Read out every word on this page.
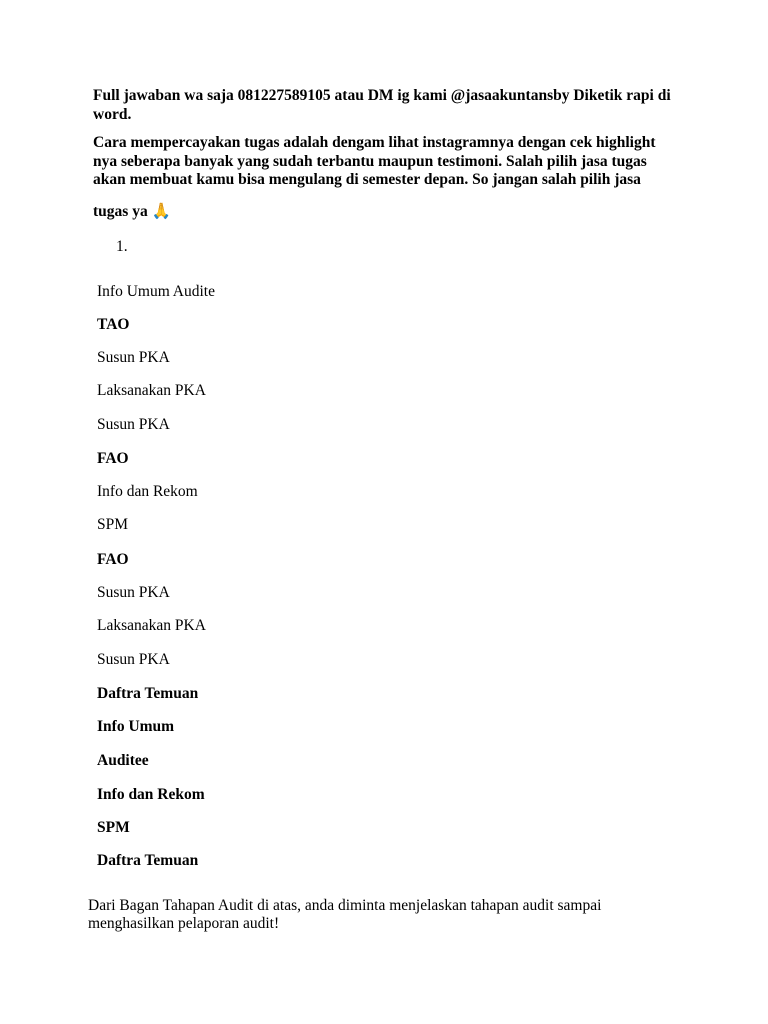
Full jawaban wa saja 081227589105 atau DM ig kami @jasaakuntansby Diketik rapi di word.

Cara mempercayakan tugas adalah dengam lihat instagramnya dengan cek highlight nya seberapa banyak yang sudah terbantu maupun testimoni. Salah pilih jasa tugas akan membuat kamu bisa mengulang di semester depan. So jangan salah pilih jasa

tugas ya 🙏

1.

Info Umum Audite

TAO

Susun PKA

Laksanakan PKA

Susun PKA

FAO

Info dan Rekom

SPM

FAO

Susun PKA

Laksanakan PKA

Susun PKA

Daftra Temuan

Info Umum

Auditee

Info dan Rekom

SPM

Daftra Temuan

Dari Bagan Tahapan Audit di atas, anda diminta menjelaskan tahapan audit sampai menghasilkan pelaporan audit!
